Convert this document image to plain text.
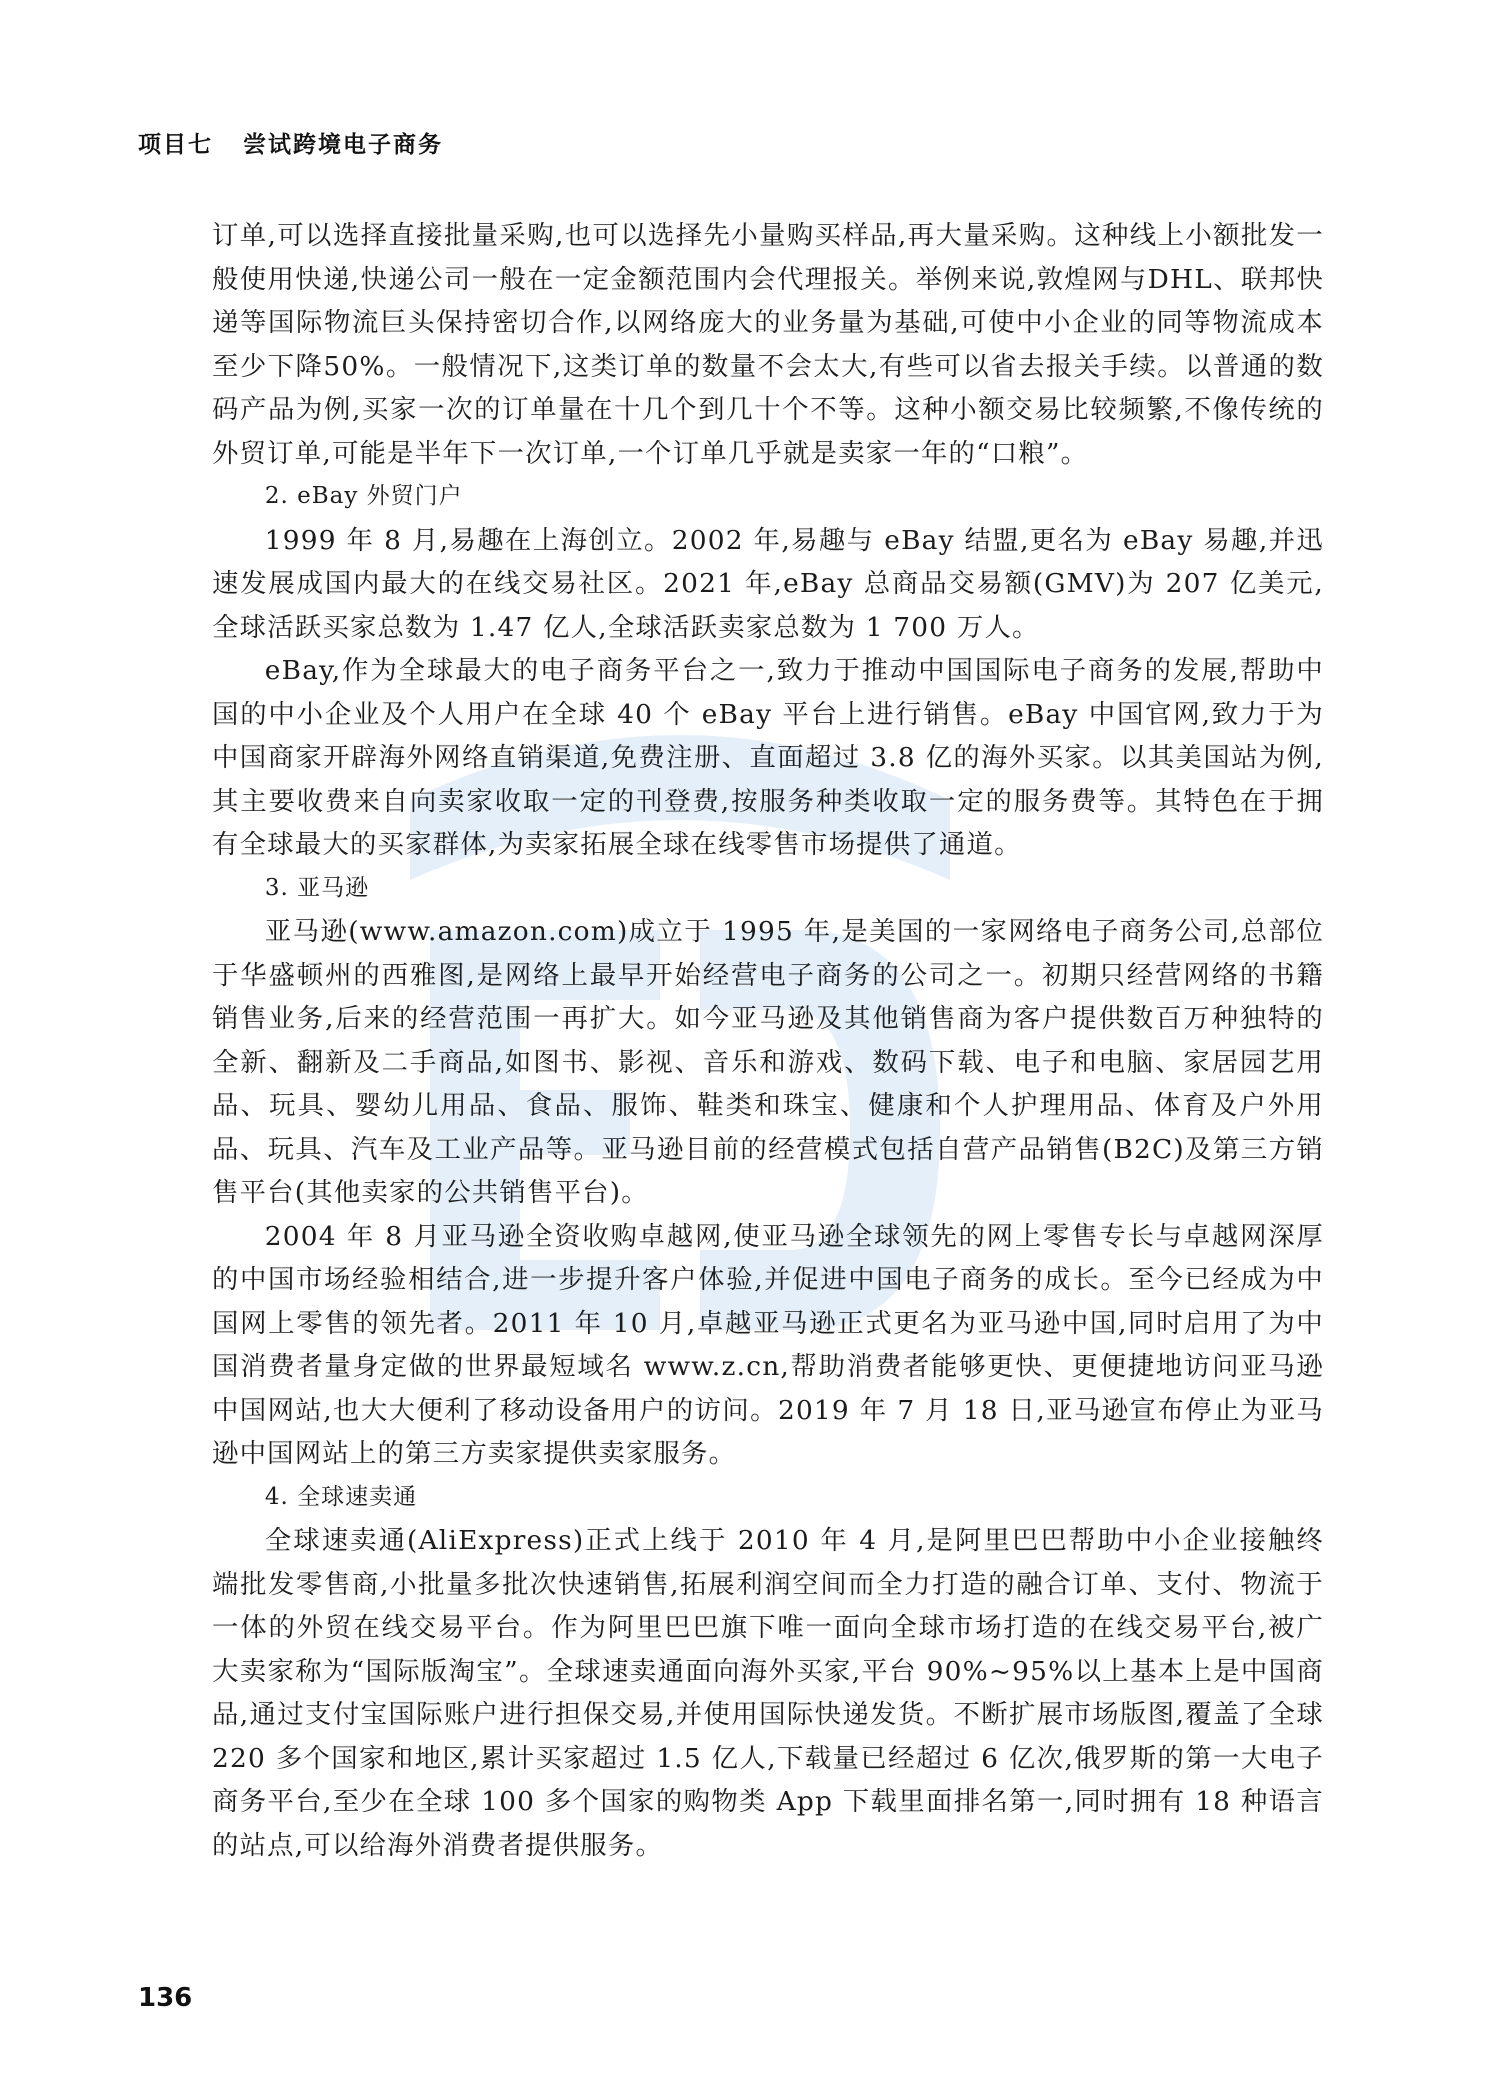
项目七 尝试跨境电子商务

订单,可以选择直接批量采购,也可以选择先小量购买样品,再大量采购。这种线上小额批发一般使用快递,快递公司一般在一定金额范围内会代理报关。举例来说,敦煌网与DHL、联邦快递等国际物流巨头保持密切合作,以网络庞大的业务量为基础,可使中小企业的同等物流成本至少下降50%。一般情况下,这类订单的数量不会太大,有些可以省去报关手续。以普通的数码产品为例,买家一次的订单量在十几个到几十个不等。这种小额交易比较频繁,不像传统的外贸订单,可能是半年下一次订单,一个订单几乎就是卖家一年的“口粮”。

2. eBay 外贸门户

1999 年 8 月,易趣在上海创立。2002 年,易趣与 eBay 结盟,更名为 eBay 易趣,并迅速发展成国内最大的在线交易社区。2021 年,eBay 总商品交易额(GMV)为 207 亿美元,全球活跃买家总数为 1.47 亿人,全球活跃卖家总数为 1 700 万人。

eBay,作为全球最大的电子商务平台之一,致力于推动中国国际电子商务的发展,帮助中国的中小企业及个人用户在全球 40 个 eBay 平台上进行销售。eBay 中国官网,致力于为中国商家开辟海外网络直销渠道,免费注册、直面超过 3.8 亿的海外买家。以其美国站为例,其主要收费来自向卖家收取一定的刊登费,按服务种类收取一定的服务费等。其特色在于拥有全球最大的买家群体,为卖家拓展全球在线零售市场提供了通道。

3. 亚马逊

亚马逊(www.amazon.com)成立于 1995 年,是美国的一家网络电子商务公司,总部位于华盛顿州的西雅图,是网络上最早开始经营电子商务的公司之一。初期只经营网络的书籍销售业务,后来的经营范围一再扩大。如今亚马逊及其他销售商为客户提供数百万种独特的全新、翻新及二手商品,如图书、影视、音乐和游戏、数码下载、电子和电脑、家居园艺用品、玩具、婴幼儿用品、食品、服饰、鞋类和珠宝、健康和个人护理用品、体育及户外用品、玩具、汽车及工业产品等。亚马逊目前的经营模式包括自营产品销售(B2C)及第三方销售平台(其他卖家的公共销售平台)。

2004 年 8 月亚马逊全资收购卓越网,使亚马逊全球领先的网上零售专长与卓越网深厚的中国市场经验相结合,进一步提升客户体验,并促进中国电子商务的成长。至今已经成为中国网上零售的领先者。2011 年 10 月,卓越亚马逊正式更名为亚马逊中国,同时启用了为中国消费者量身定做的世界最短域名 www.z.cn,帮助消费者能够更快、更便捷地访问亚马逊中国网站,也大大便利了移动设备用户的访问。2019 年 7 月 18 日,亚马逊宣布停止为亚马逊中国网站上的第三方卖家提供卖家服务。

4. 全球速卖通

全球速卖通(AliExpress)正式上线于 2010 年 4 月,是阿里巴巴帮助中小企业接触终端批发零售商,小批量多批次快速销售,拓展利润空间而全力打造的融合订单、支付、物流于一体的外贸在线交易平台。作为阿里巴巴旗下唯一面向全球市场打造的在线交易平台,被广大卖家称为“国际版淘宝”。全球速卖通面向海外买家,平台 90%~95%以上基本上是中国商品,通过支付宝国际账户进行担保交易,并使用国际快递发货。不断扩展市场版图,覆盖了全球 220 多个国家和地区,累计买家超过 1.5 亿人,下载量已经超过 6 亿次,俄罗斯的第一大电子商务平台,至少在全球 100 多个国家的购物类 App 下载里面排名第一,同时拥有 18 种语言的站点,可以给海外消费者提供服务。

136
